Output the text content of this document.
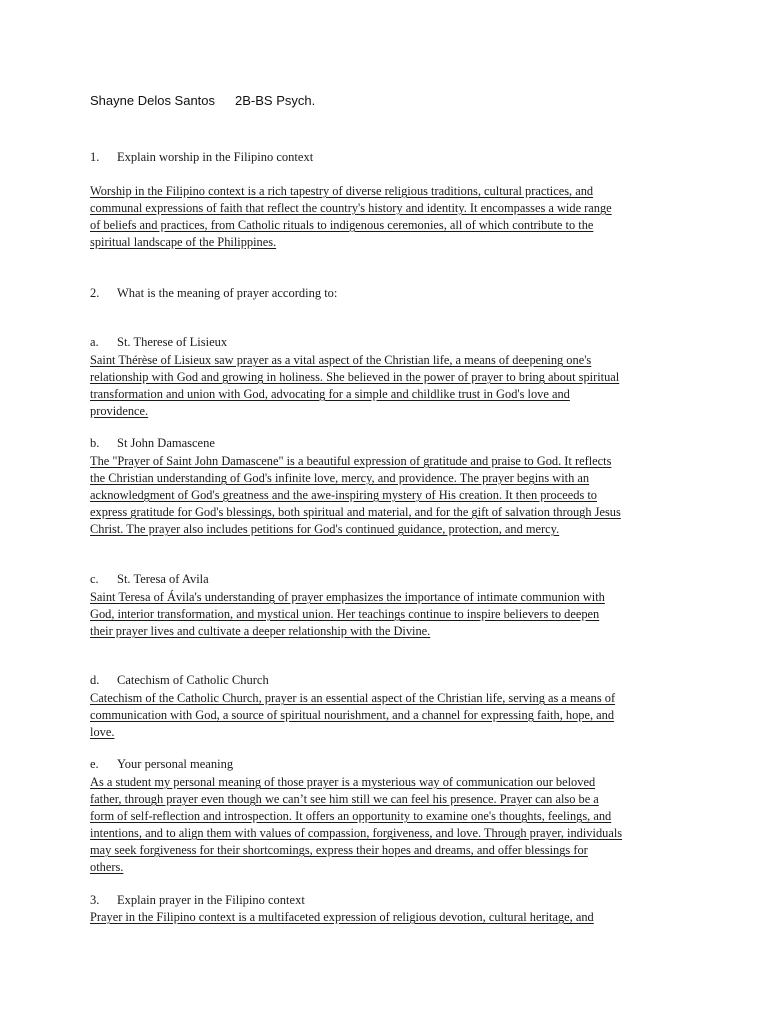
Shayne Delos Santos 2B-BS Psych.
1. Explain worship in the Filipino context
Worship in the Filipino context is a rich tapestry of diverse religious traditions, cultural practices, and
communal expressions of faith that reflect the country's history and identity. It encompasses a wide range
of beliefs and practices, from Catholic rituals to indigenous ceremonies, all of which contribute to the
spiritual landscape of the Philippines.
2. What is the meaning of prayer according to:
a. St. Therese of Lisieux
Saint Thérèse of Lisieux saw prayer as a vital aspect of the Christian life, a means of deepening one's
relationship with God and growing in holiness. She believed in the power of prayer to bring about spiritual
transformation and union with God, advocating for a simple and childlike trust in God's love and
providence.
b. St John Damascene
The "Prayer of Saint John Damascene" is a beautiful expression of gratitude and praise to God. It reflects
the Christian understanding of God's infinite love, mercy, and providence. The prayer begins with an
acknowledgment of God's greatness and the awe-inspiring mystery of His creation. It then proceeds to
express gratitude for God's blessings, both spiritual and material, and for the gift of salvation through Jesus
Christ. The prayer also includes petitions for God's continued guidance, protection, and mercy.
c. St. Teresa of Avila
Saint Teresa of Ávila's understanding of prayer emphasizes the importance of intimate communion with
God, interior transformation, and mystical union. Her teachings continue to inspire believers to deepen
their prayer lives and cultivate a deeper relationship with the Divine.
d. Catechism of Catholic Church
Catechism of the Catholic Church, prayer is an essential aspect of the Christian life, serving as a means of
communication with God, a source of spiritual nourishment, and a channel for expressing faith, hope, and
love.
e. Your personal meaning
As a student my personal meaning of those prayer is a mysterious way of communication our beloved
father, through prayer even though we can’t see him still we can feel his presence. Prayer can also be a
form of self-reflection and introspection. It offers an opportunity to examine one's thoughts, feelings, and
intentions, and to align them with values of compassion, forgiveness, and love. Through prayer, individuals
may seek forgiveness for their shortcomings, express their hopes and dreams, and offer blessings for
others.
3. Explain prayer in the Filipino context
Prayer in the Filipino context is a multifaceted expression of religious devotion, cultural heritage, and
